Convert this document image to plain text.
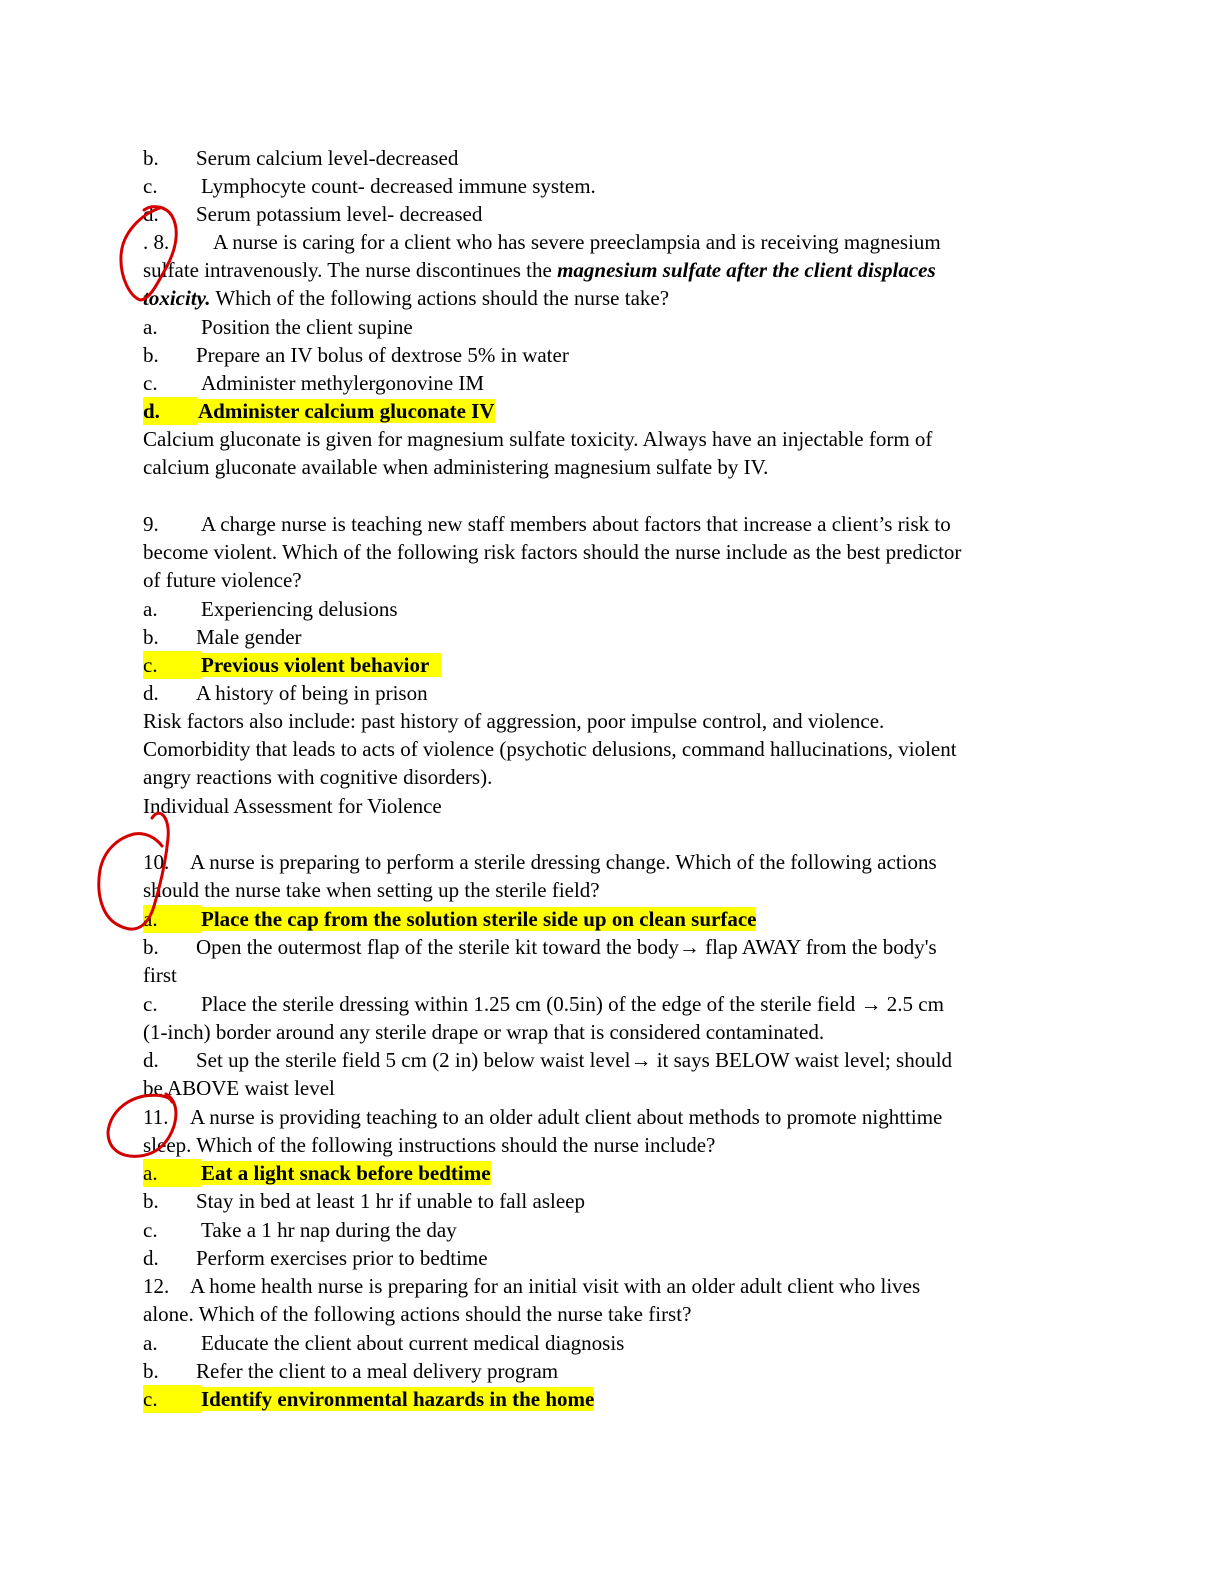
b. Serum calcium level-decreased
c. Lymphocyte count- decreased immune system.
d. Serum potassium level- decreased
. 8. A nurse is caring for a client who has severe preeclampsia and is receiving magnesium
sulfate intravenously. The nurse discontinues the magnesium sulfate after the client displaces
toxicity. Which of the following actions should the nurse take?
a. Position the client supine
b. Prepare an IV bolus of dextrose 5% in water
c. Administer methylergonovine IM
d. Administer calcium gluconate IV
Calcium gluconate is given for magnesium sulfate toxicity. Always have an injectable form of
calcium gluconate available when administering magnesium sulfate by IV.
9. A charge nurse is teaching new staff members about factors that increase a client’s risk to
become violent. Which of the following risk factors should the nurse include as the best predictor
of future violence?
a. Experiencing delusions
b. Male gender
c. Previous violent behavior
d. A history of being in prison
Risk factors also include: past history of aggression, poor impulse control, and violence.
Comorbidity that leads to acts of violence (psychotic delusions, command hallucinations, violent
angry reactions with cognitive disorders).
Individual Assessment for Violence
10. A nurse is preparing to perform a sterile dressing change. Which of the following actions
should the nurse take when setting up the sterile field?
a. Place the cap from the solution sterile side up on clean surface
b. Open the outermost flap of the sterile kit toward the body→ flap AWAY from the body's
first
c. Place the sterile dressing within 1.25 cm (0.5in) of the edge of the sterile field → 2.5 cm
(1-inch) border around any sterile drape or wrap that is considered contaminated.
d. Set up the sterile field 5 cm (2 in) below waist level→ it says BELOW waist level; should
be ABOVE waist level
11. A nurse is providing teaching to an older adult client about methods to promote nighttime
sleep. Which of the following instructions should the nurse include?
a. Eat a light snack before bedtime
b. Stay in bed at least 1 hr if unable to fall asleep
c. Take a 1 hr nap during the day
d. Perform exercises prior to bedtime
12. A home health nurse is preparing for an initial visit with an older adult client who lives
alone. Which of the following actions should the nurse take first?
a. Educate the client about current medical diagnosis
b. Refer the client to a meal delivery program
c. Identify environmental hazards in the home
